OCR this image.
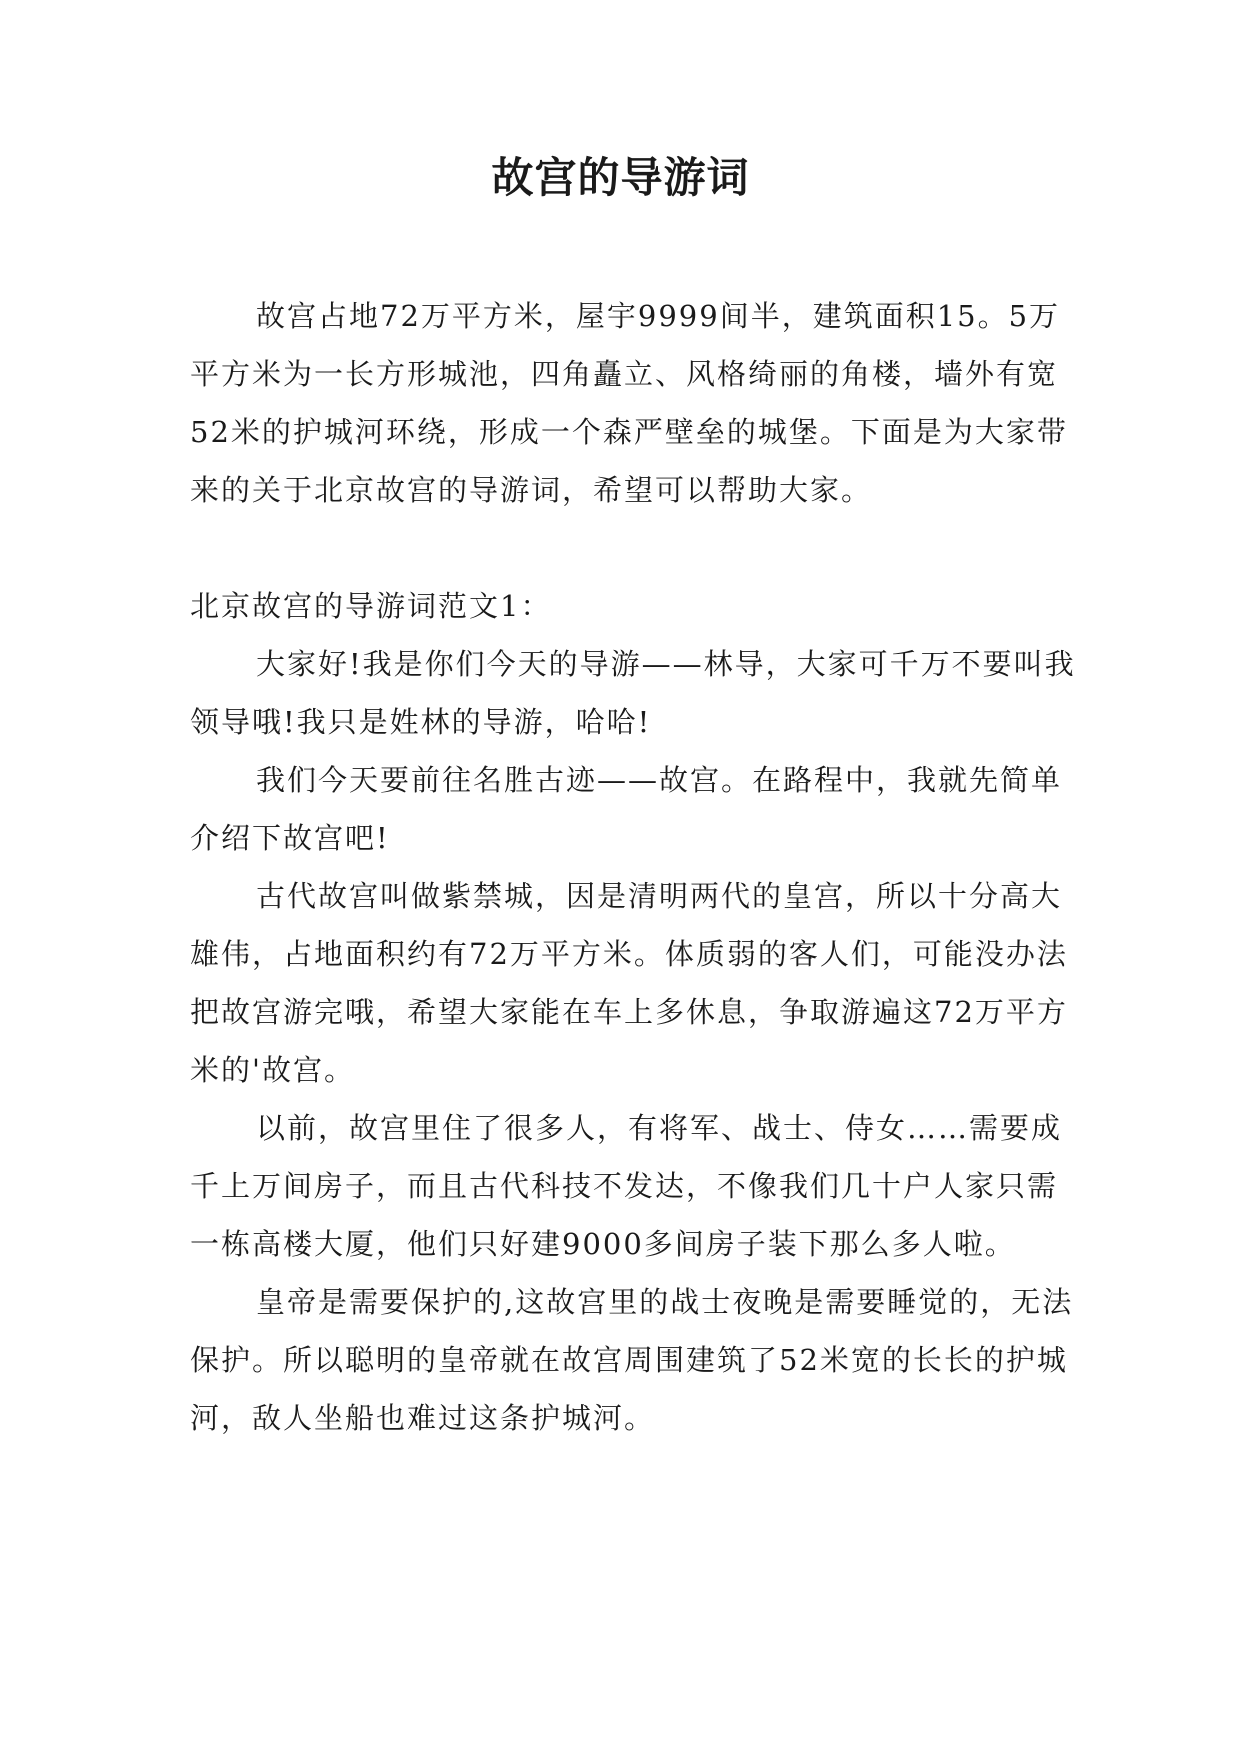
故宫的导游词

故宫占地72万平方米，屋宇9999间半，建筑面积15。5万平方米为一长方形城池，四角矗立、风格绮丽的角楼，墙外有宽52米的护城河环绕，形成一个森严壁垒的城堡。下面是为大家带来的关于北京故宫的导游词，希望可以帮助大家。

北京故宫的导游词范文1：

大家好!我是你们今天的导游——林导，大家可千万不要叫我领导哦!我只是姓林的导游，哈哈!

我们今天要前往名胜古迹——故宫。在路程中，我就先简单介绍下故宫吧!

古代故宫叫做紫禁城，因是清明两代的皇宫，所以十分高大雄伟，占地面积约有72万平方米。体质弱的客人们，可能没办法把故宫游完哦，希望大家能在车上多休息，争取游遍这72万平方米的'故宫。

以前，故宫里住了很多人，有将军、战士、侍女……需要成千上万间房子，而且古代科技不发达，不像我们几十户人家只需一栋高楼大厦，他们只好建9000多间房子装下那么多人啦。

皇帝是需要保护的,这故宫里的战士夜晚是需要睡觉的，无法保护。所以聪明的皇帝就在故宫周围建筑了52米宽的长长的护城河，敌人坐船也难过这条护城河。
